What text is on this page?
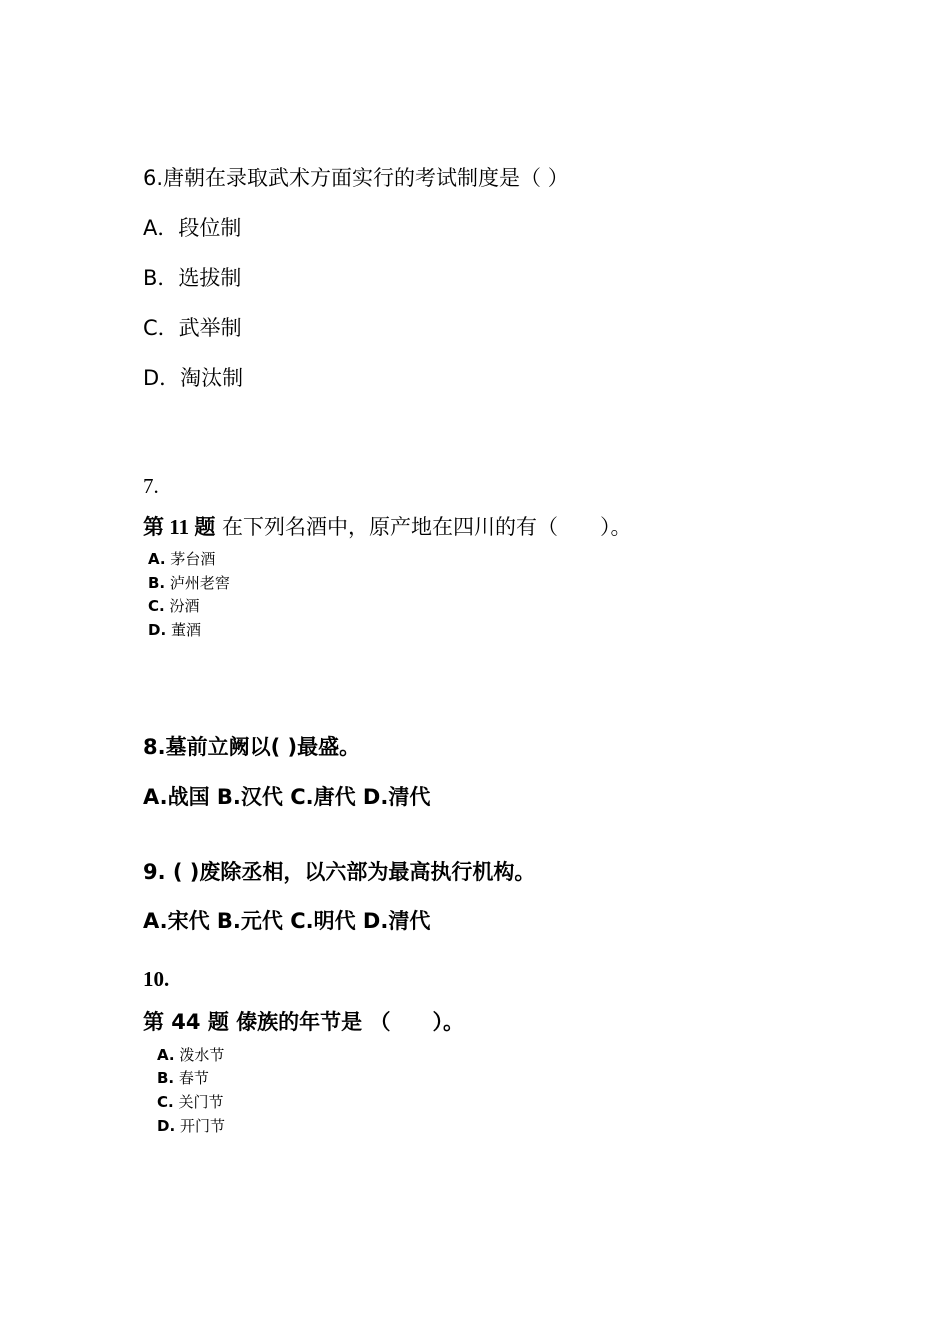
6.唐朝在录取武术方面实行的考试制度是（ ）
A．段位制
B．选拔制
C．武举制
D．淘汰制
7.
第 11 题 在下列名酒中，原产地在四川的有（　　）。
A. 茅台酒
B. 泸州老窖
C. 汾酒
D. 董酒
8.墓前立阙以( )最盛。
A.战国 B.汉代 C.唐代 D.清代
9. ( )废除丞相，以六部为最高执行机构。
A.宋代 B.元代 C.明代 D.清代
10.
第 44 题 傣族的年节是 （　　）。
A. 泼水节
B. 春节
C. 关门节
D. 开门节
